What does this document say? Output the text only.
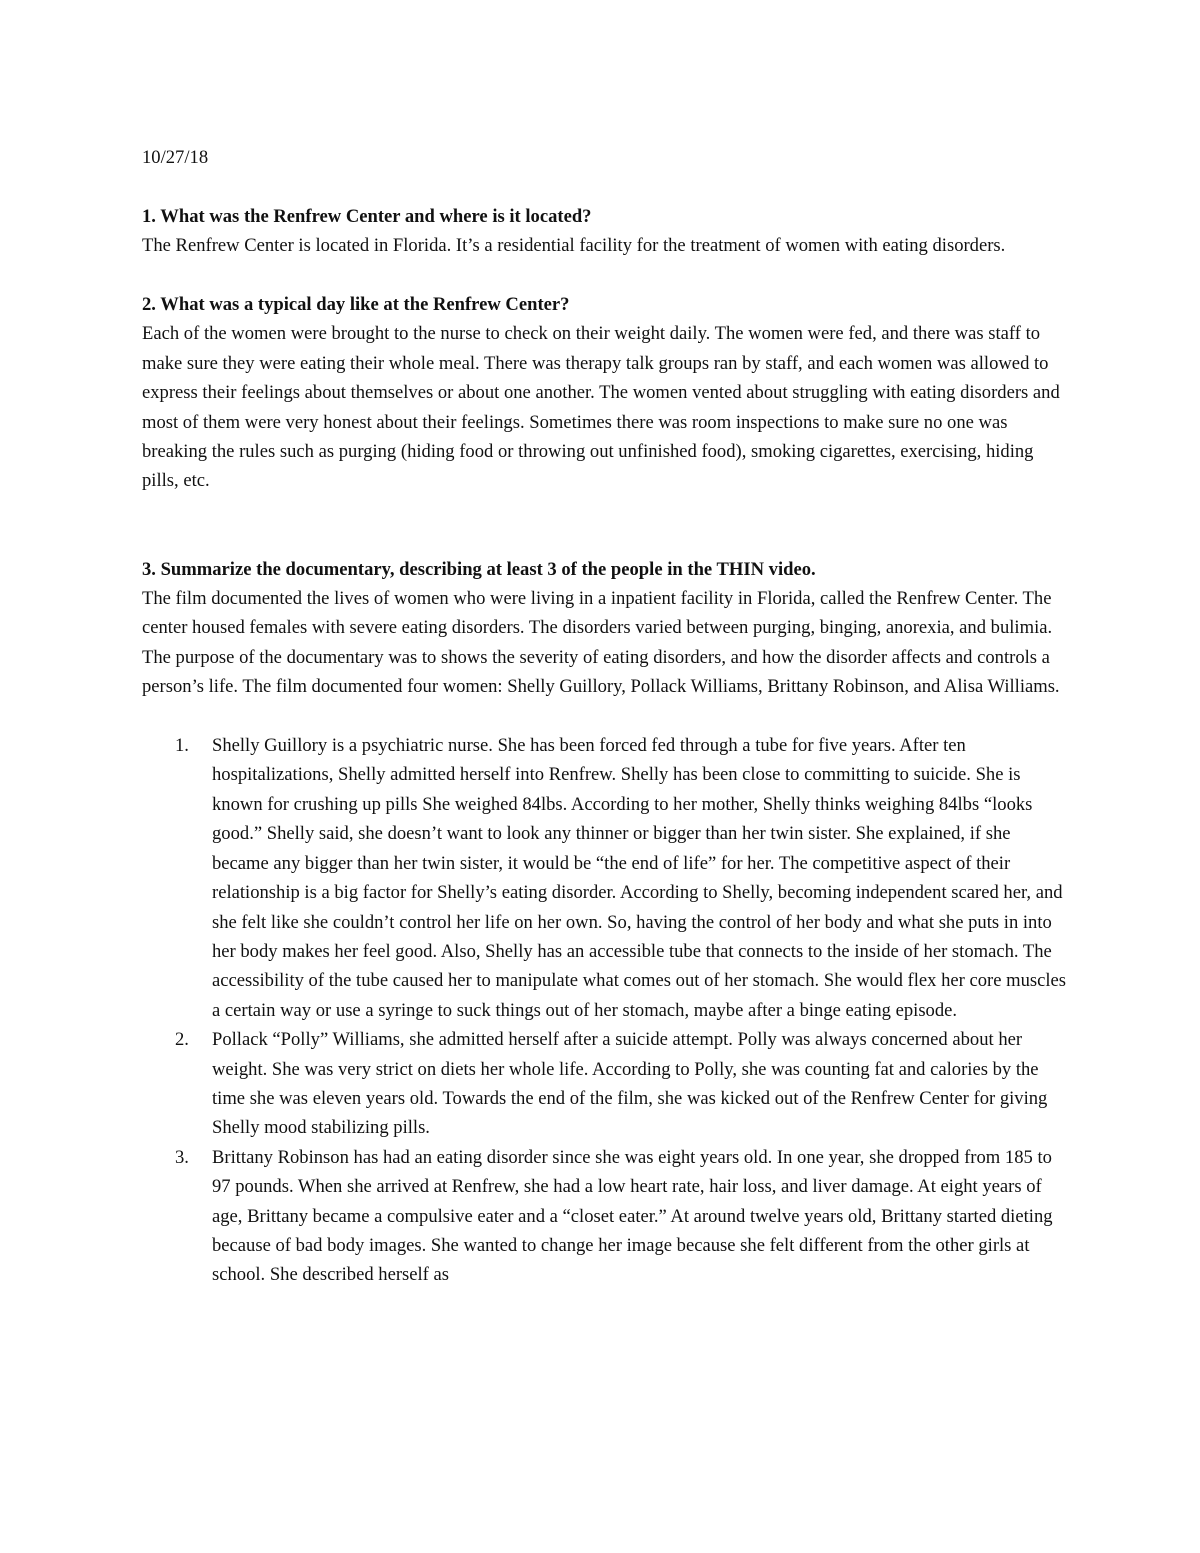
10/27/18

1. What was the Renfrew Center and where is it located?

The Renfrew Center is located in Florida. It’s a residential facility for the treatment of women with eating disorders.

2. What was a typical day like at the Renfrew Center?

Each of the women were brought to the nurse to check on their weight daily. The women were fed, and there was staff to make sure they were eating their whole meal. There was therapy talk groups ran by staff, and each women was allowed to express their feelings about themselves or about one another. The women vented about struggling with eating disorders and most of them were very honest about their feelings. Sometimes there was room inspections to make sure no one was breaking the rules such as purging (hiding food or throwing out unfinished food), smoking cigarettes, exercising, hiding pills, etc.

3. Summarize the documentary, describing at least 3 of the people in the THIN video.

The film documented the lives of women who were living in a inpatient facility in Florida, called the Renfrew Center. The center housed females with severe eating disorders. The disorders varied between purging, binging, anorexia, and bulimia. The purpose of the documentary was to shows the severity of eating disorders, and how the disorder affects and controls a person’s life. The film documented four women: Shelly Guillory, Pollack Williams, Brittany Robinson, and Alisa Williams.

1. Shelly Guillory is a psychiatric nurse. She has been forced fed through a tube for five years. After ten hospitalizations, Shelly admitted herself into Renfrew. Shelly has been close to committing to suicide. She is known for crushing up pills She weighed 84lbs. According to her mother, Shelly thinks weighing 84lbs “looks good.” Shelly said, she doesn’t want to look any thinner or bigger than her twin sister. She explained, if she became any bigger than her twin sister, it would be “the end of life” for her. The competitive aspect of their relationship is a big factor for Shelly’s eating disorder. According to Shelly, becoming independent scared her, and she felt like she couldn’t control her life on her own. So, having the control of her body and what she puts in into her body makes her feel good. Also, Shelly has an accessible tube that connects to the inside of her stomach. The accessibility of the tube caused her to manipulate what comes out of her stomach. She would flex her core muscles a certain way or use a syringe to suck things out of her stomach, maybe after a binge eating episode.
2. Pollack “Polly” Williams, she admitted herself after a suicide attempt. Polly was always concerned about her weight. She was very strict on diets her whole life. According to Polly, she was counting fat and calories by the time she was eleven years old. Towards the end of the film, she was kicked out of the Renfrew Center for giving Shelly mood stabilizing pills.
3. Brittany Robinson has had an eating disorder since she was eight years old. In one year, she dropped from 185 to 97 pounds. When she arrived at Renfrew, she had a low heart rate, hair loss, and liver damage. At eight years of age, Brittany became a compulsive eater and a “closet eater.” At around twelve years old, Brittany started dieting because of bad body images. She wanted to change her image because she felt different from the other girls at school. She described herself as
